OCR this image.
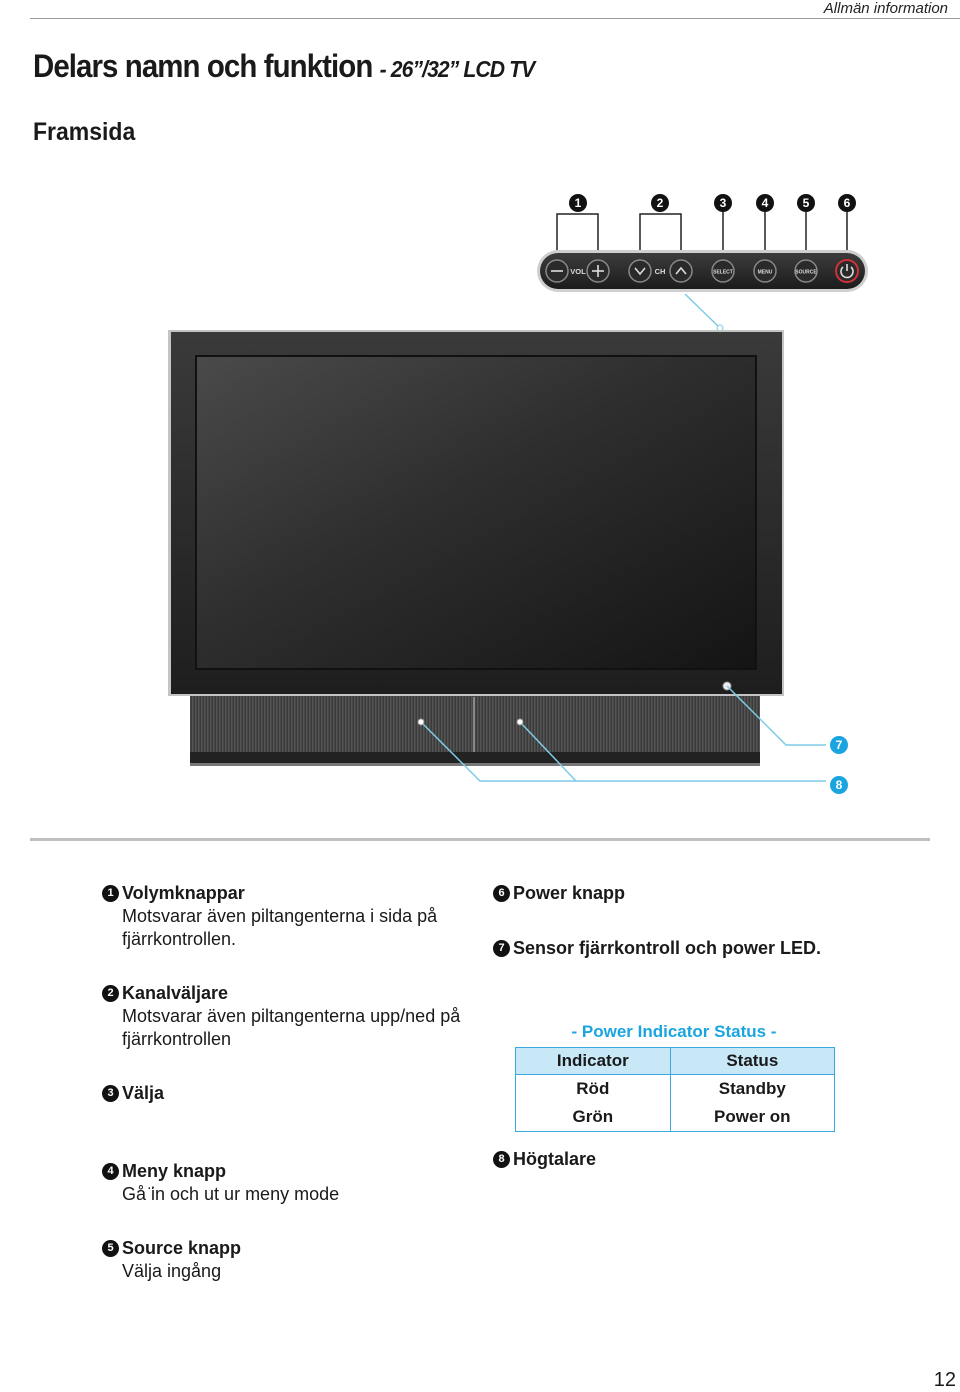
Allmän information
Delars namn och funktion - 26”/32” LCD TV
Framsida
1	2	3	4	5	6
VOL	CH	SELECT	MENU	SOURCE
7
8
1 Volymknappar
Motsvarar även piltangenterna i sida på
fjärrkontrollen.
2 Kanalväljare
Motsvarar även piltangenterna upp/ned på
fjärrkontrollen
3 Välja
4 Meny knapp
Gå ̈in och ut ur meny mode
5 Source knapp
Välja ingång
6 Power knapp
7 Sensor fjärrkontroll och power LED.
- Power Indicator Status -
Indicator	Status
Röd	Standby
Grön	Power on
8 Högtalare
12
